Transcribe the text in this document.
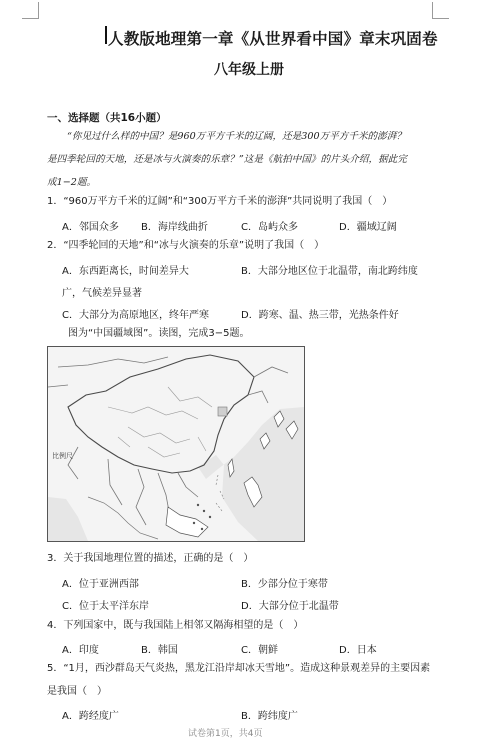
人教版地理第一章《从世界看中国》章末巩固卷
八年级上册
一、选择题（共16小题）
“你见过什么样的中国？是960万平方千米的辽阔，还是300万平方千米的澎湃？
是四季轮回的天地，还是冰与火演奏的乐章？”这是《航拍中国》的片头介绍，据此完
成1−2题。
1．“960万平方千米的辽阔”和“300万平方千米的澎湃”共同说明了我国（　）
A．邻国众多 B．海岸线曲折	C．岛屿众多	D．疆域辽阔
2．“四季轮回的天地”和“冰与火演奏的乐章”说明了我国（　）
A．东西距离长，时间差异大	B．大部分地区位于北温带，南北跨纬度
广，气候差异显著
C．大部分为高原地区，终年严寒	D．跨寒、温、热三带，光热条件好
图为“中国疆域图”。读图，完成3−5题。
比例尺
3．关于我国地理位置的描述，正确的是（　）
A．位于亚洲西部	B．少部分位于寒带
C．位于太平洋东岸	D．大部分位于北温带
4．下列国家中，既与我国陆上相邻又隔海相望的是（　）
A．印度	B．韩国	C．朝鲜	D．日本
5．“1月，西沙群岛天气炎热，黑龙江沿岸却冰天雪地”。造成这种景观差异的主要因素
是我国（　）
A．跨经度广	B．跨纬度广
试卷第1页，共4页
